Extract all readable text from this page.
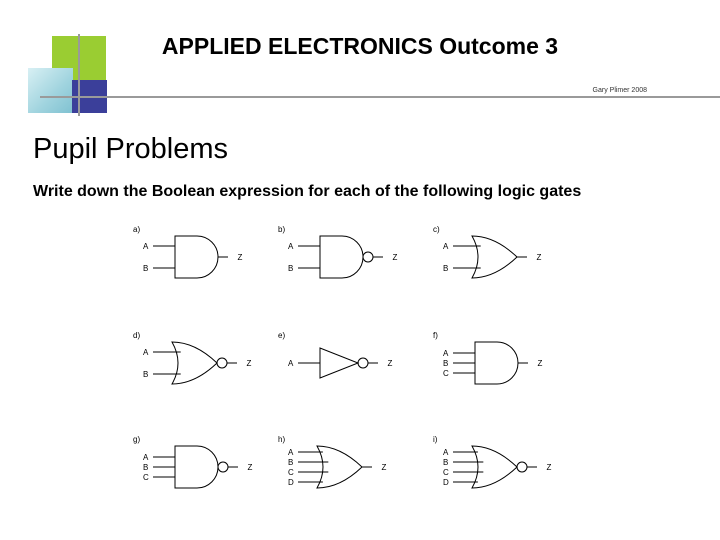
APPLIED ELECTRONICS Outcome 3
Gary Plimer 2008
Pupil Problems
Write down the Boolean expression for each of the following logic gates
a)
A
B
Z
b)
A
B
Z
c)
A
B
Z
d)
A
B
Z
e)
A	Z
f)
A
B
C
Z
g)
A
B
C
Z
h)
A
B
C
D
Z
i)
A
B
C
D
Z
